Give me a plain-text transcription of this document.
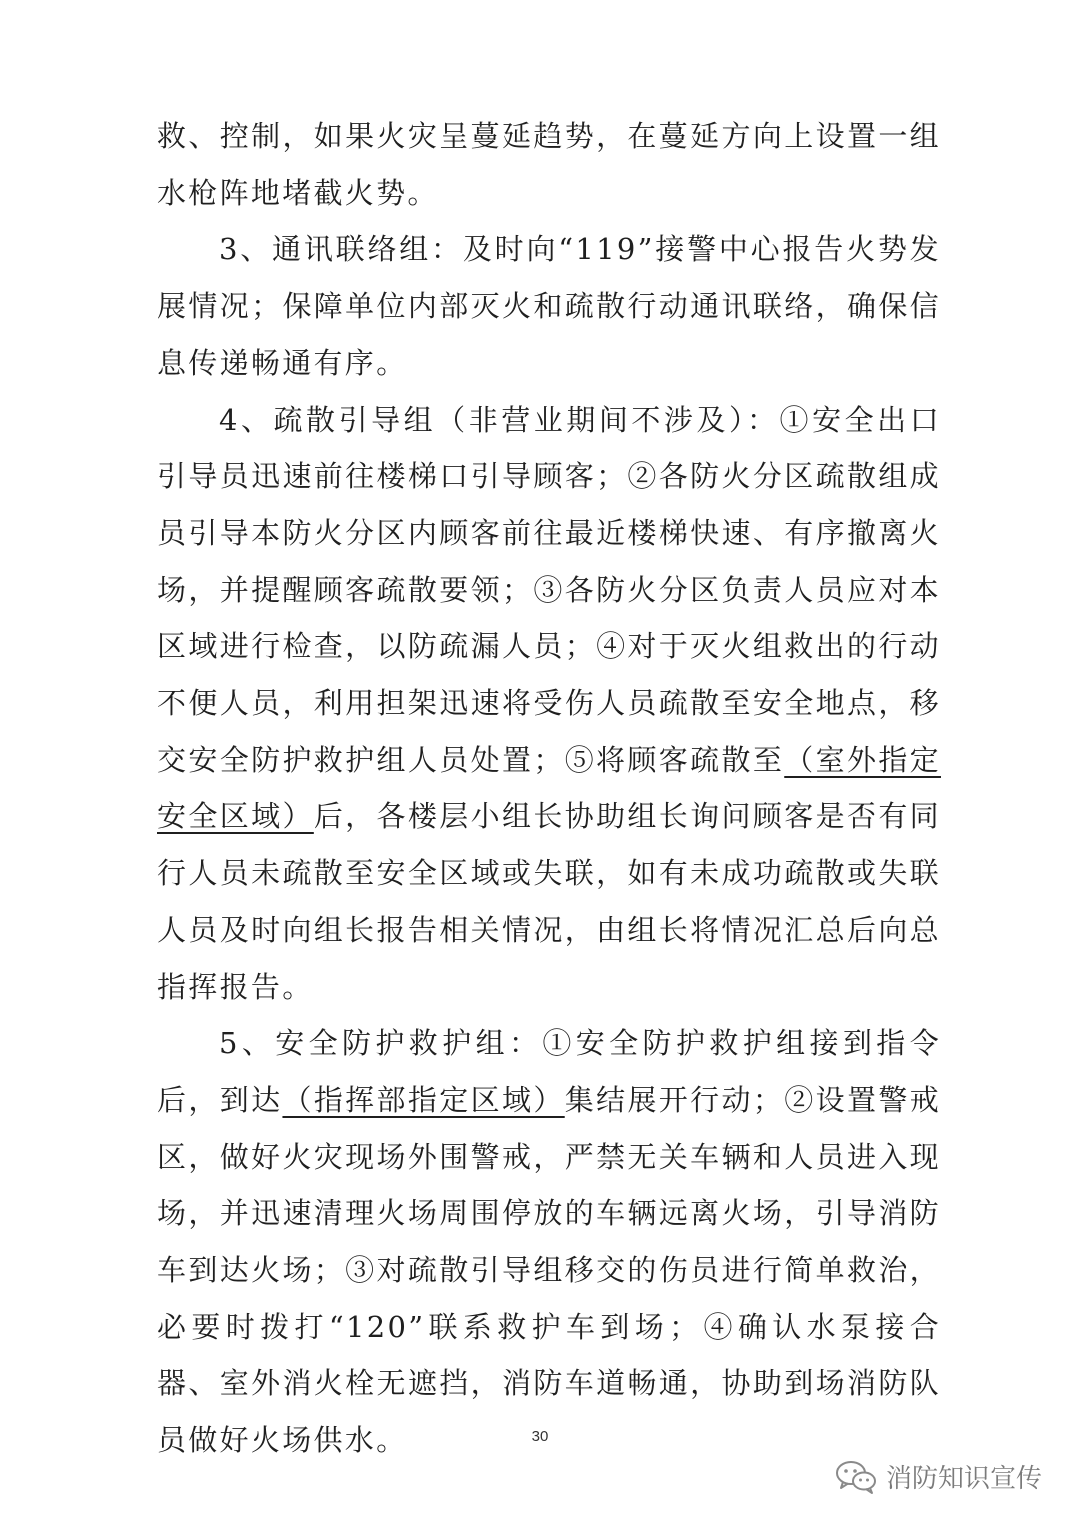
救、控制，如果火灾呈蔓延趋势，在蔓延方向上设置一组水枪阵地堵截火势。

3、通讯联络组：及时向“119”接警中心报告火势发展情况；保障单位内部灭火和疏散行动通讯联络，确保信息传递畅通有序。

4、疏散引导组（非营业期间不涉及）：①安全出口引导员迅速前往楼梯口引导顾客；②各防火分区疏散组成员引导本防火分区内顾客前往最近楼梯快速、有序撤离火场，并提醒顾客疏散要领；③各防火分区负责人员应对本区域进行检查，以防疏漏人员；④对于灭火组救出的行动不便人员，利用担架迅速将受伤人员疏散至安全地点，移交安全防护救护组人员处置；⑤将顾客疏散至（室外指定安全区域）后，各楼层小组长协助组长询问顾客是否有同行人员未疏散至安全区域或失联，如有未成功疏散或失联人员及时向组长报告相关情况，由组长将情况汇总后向总指挥报告。

5、安全防护救护组：①安全防护救护组接到指令后，到达（指挥部指定区域）集结展开行动；②设置警戒区，做好火灾现场外围警戒，严禁无关车辆和人员进入现场，并迅速清理火场周围停放的车辆远离火场，引导消防车到达火场；③对疏散引导组移交的伤员进行简单救治，必要时拨打“120”联系救护车到场；④确认水泵接合器、室外消火栓无遮挡，消防车道畅通，协助到场消防队员做好火场供水。	30
消防知识宣传
